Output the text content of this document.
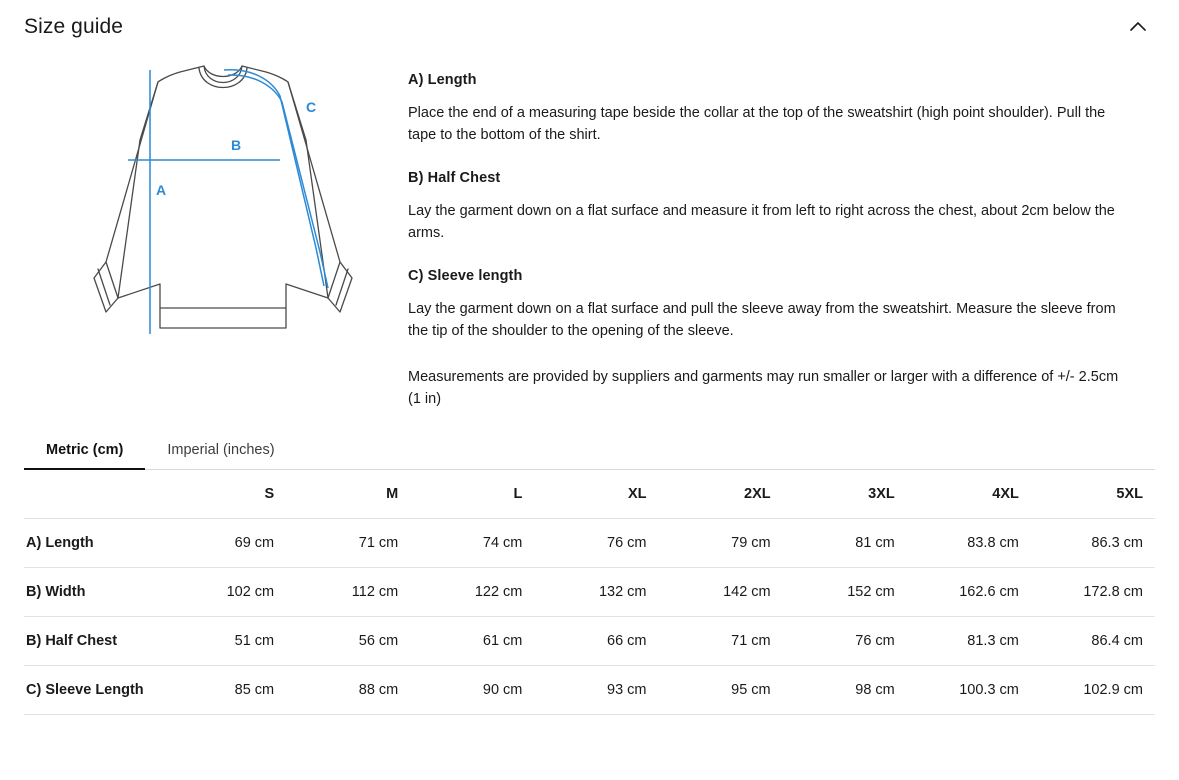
Size guide
A
B
C
A) Length

Place the end of a measuring tape beside the collar at the top of the sweatshirt (high point shoulder). Pull the tape to the bottom of the shirt.

B) Half Chest

Lay the garment down on a flat surface and measure it from left to right across the chest, about 2cm below the arms.

C) Sleeve length

Lay the garment down on a flat surface and pull the sleeve away from the sweatshirt. Measure the sleeve from the tip of the shoulder to the opening of the sleeve.

Measurements are provided by suppliers and garments may run smaller or larger with a difference of +/- 2.5cm (1 in)

Metric (cm)	Imperial (inches)
	S	M	L	XL	2XL	3XL	4XL	5XL
A) Length	69 cm	71 cm	74 cm	76 cm	79 cm	81 cm	83.8 cm	86.3 cm
B) Width	102 cm	112 cm	122 cm	132 cm	142 cm	152 cm	162.6 cm	172.8 cm
B) Half Chest	51 cm	56 cm	61 cm	66 cm	71 cm	76 cm	81.3 cm	86.4 cm
C) Sleeve Length	85 cm	88 cm	90 cm	93 cm	95 cm	98 cm	100.3 cm	102.9 cm
